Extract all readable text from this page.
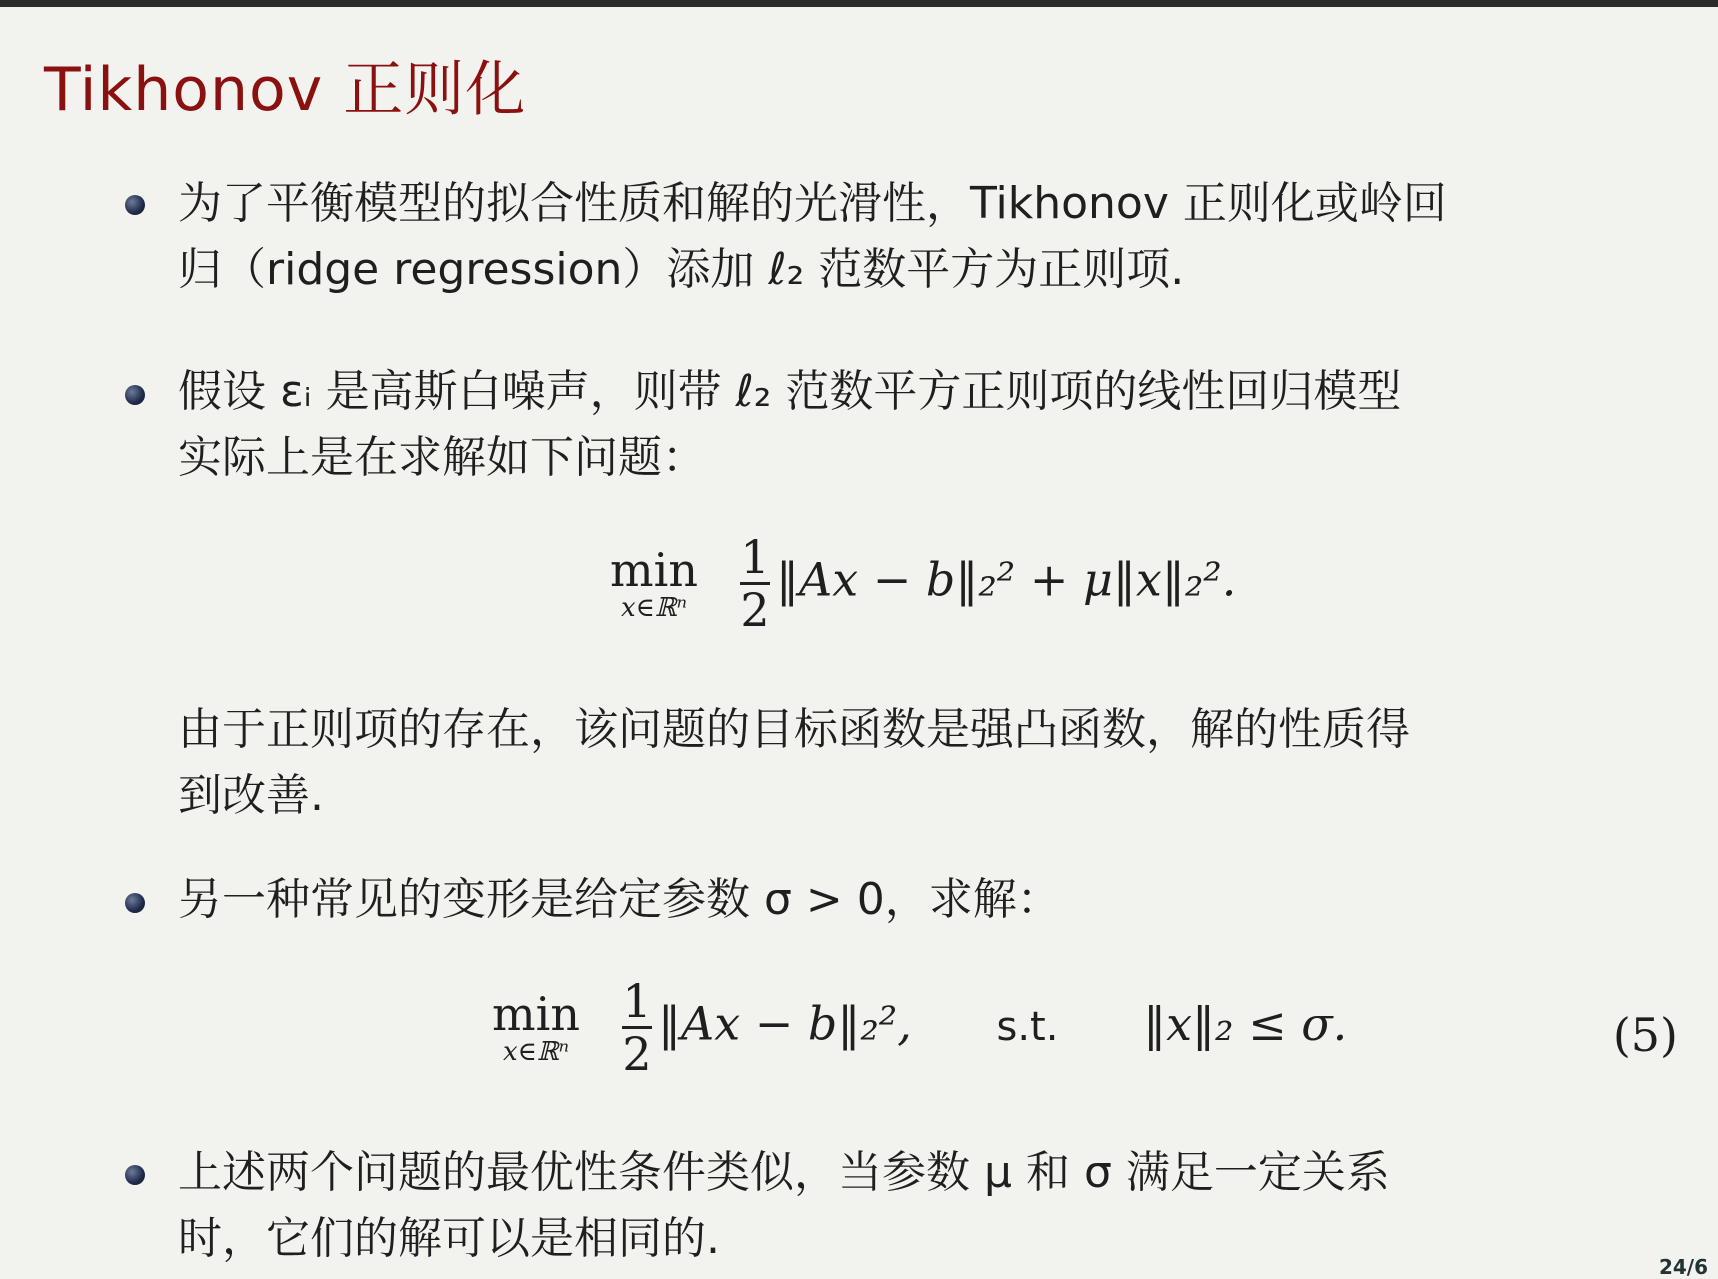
Tikhonov 正则化

为了平衡模型的拟合性质和解的光滑性，Tikhonov 正则化或岭回

归（ridge regression）添加 ℓ₂ 范数平方为正则项.

假设 εᵢ 是高斯白噪声，则带 ℓ₂ 范数平方正则项的线性回归模型

实际上是在求解如下问题：

min
x∈ℝⁿ $\frac{1}{2}$ ‖Ax − b‖₂² + μ‖x‖₂².

由于正则项的存在，该问题的目标函数是强凸函数，解的性质得

到改善.

另一种常见的变形是给定参数 σ > 0，求解：

min
x∈ℝⁿ $\frac{1}{2}$ ‖Ax − b‖₂², s.t. ‖x‖₂ ≤ σ.	(5)

上述两个问题的最优性条件类似，当参数 μ 和 σ 满足一定关系

时，它们的解可以是相同的.

24/6
